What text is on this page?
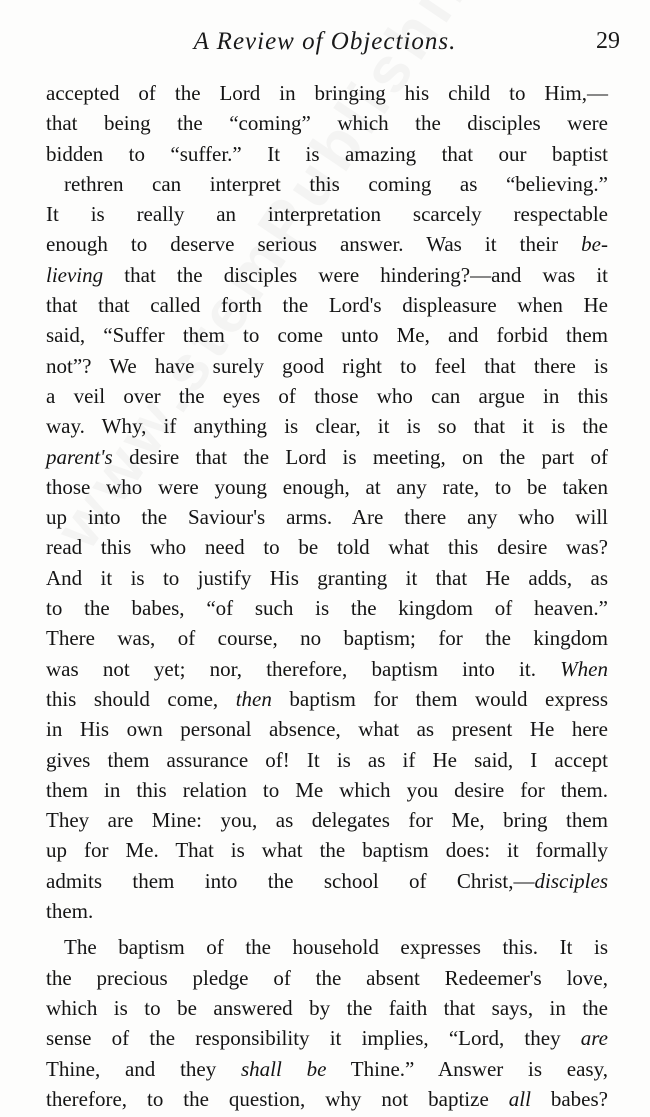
A Review of Objections.	29
accepted of the Lord in bringing his child to Him,—
that being the “coming” which the disciples were
bidden to “suffer.” It is amazing that our baptist
rethren can interpret this coming as “believing.”
It is really an interpretation scarcely respectable
enough to deserve serious answer. Was it their be-
lieving that the disciples were hindering?—and was it
that that called forth the Lord's displeasure when He
said, “Suffer them to come unto Me, and forbid them
not”? We have surely good right to feel that there is
a veil over the eyes of those who can argue in this
way. Why, if anything is clear, it is so that it is the
parent's desire that the Lord is meeting, on the part of
those who were young enough, at any rate, to be taken
up into the Saviour's arms. Are there any who will
read this who need to be told what this desire was?
And it is to justify His granting it that He adds, as
to the babes, “of such is the kingdom of heaven.”
There was, of course, no baptism; for the kingdom
was not yet; nor, therefore, baptism into it. When
this should come, then baptism for them would express
in His own personal absence, what as present He here
gives them assurance of! It is as if He said, I accept
them in this relation to Me which you desire for them.
They are Mine: you, as delegates for Me, bring them
up for Me. That is what the baptism does: it formally
admits them into the school of Christ,—disciples
them.
The baptism of the household expresses this. It is
the precious pledge of the absent Redeemer's love,
which is to be answered by the faith that says, in the
sense of the responsibility it implies, “Lord, they are
Thine, and they shall be Thine.” Answer is easy,
therefore, to the question, why not baptize all babes?
